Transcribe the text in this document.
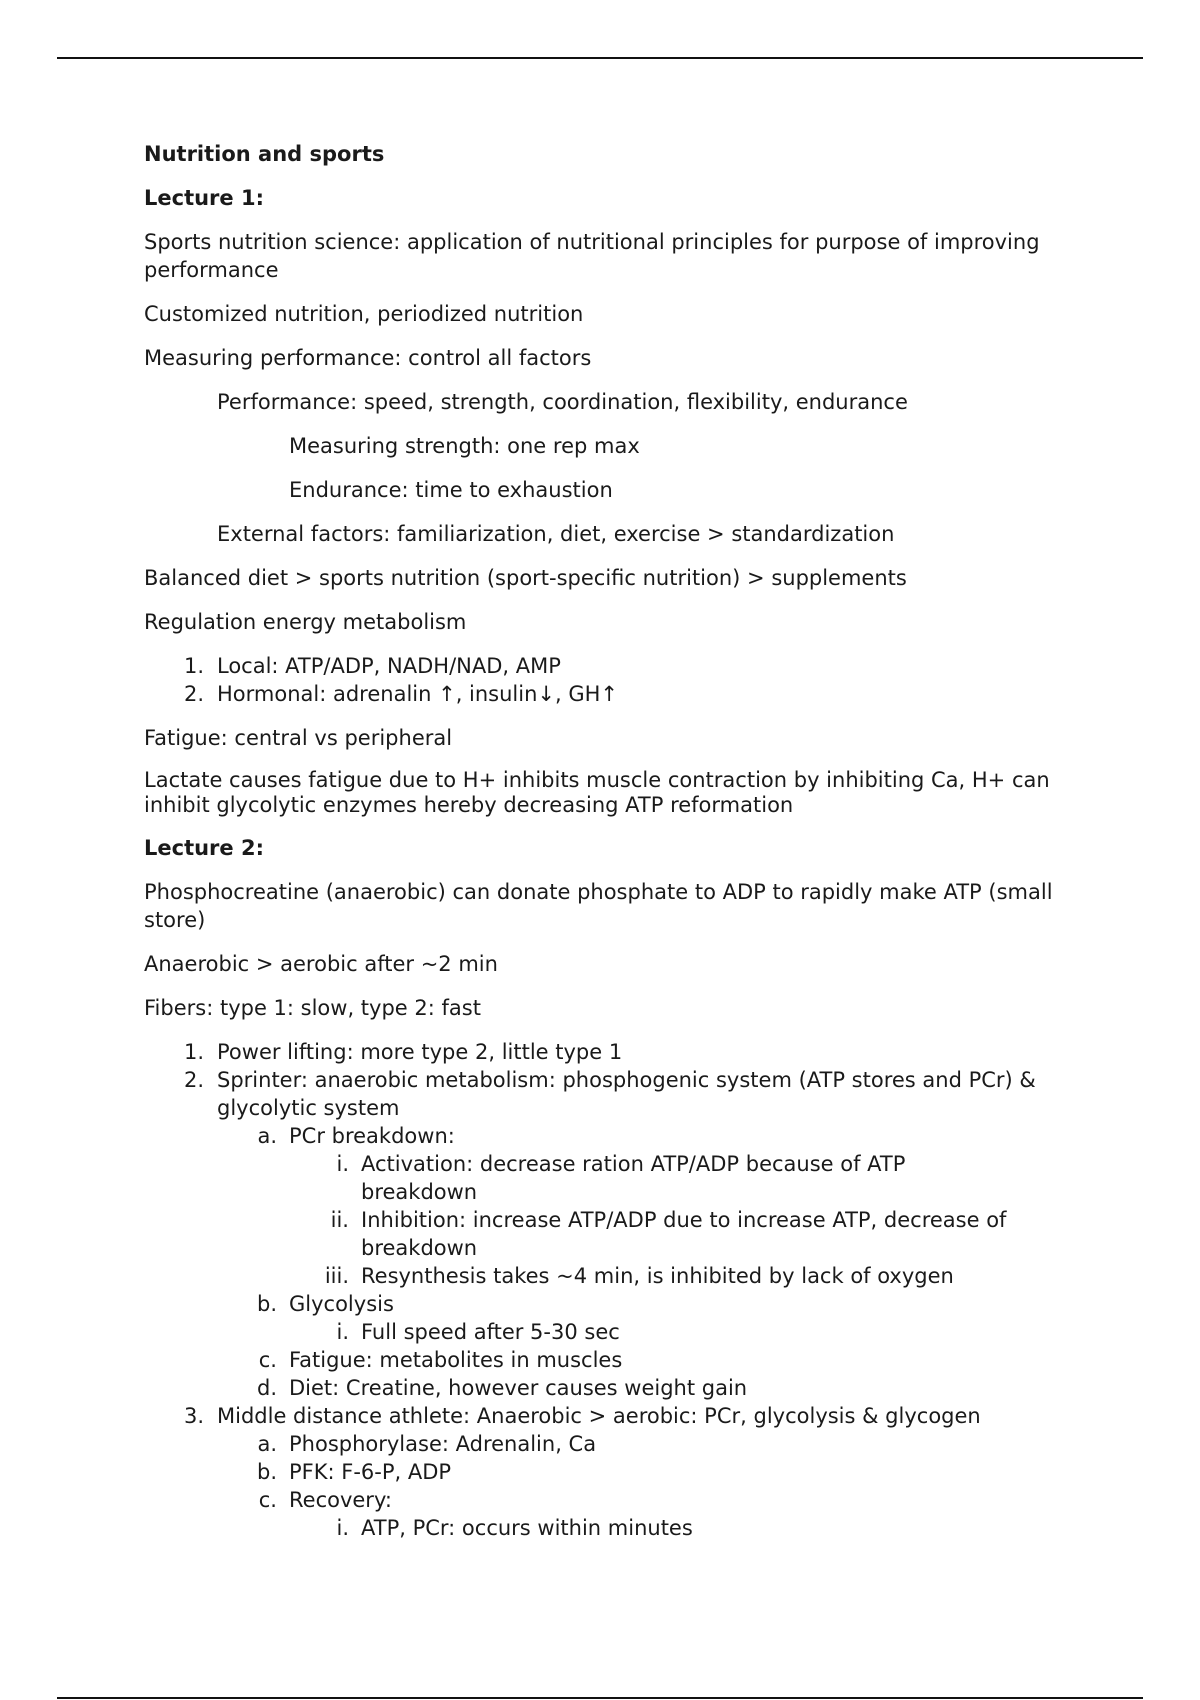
Nutrition and sports

Lecture 1:

Sports nutrition science: application of nutritional principles for purpose of improving performance

Customized nutrition, periodized nutrition

Measuring performance: control all factors

Performance: speed, strength, coordination, flexibility, endurance

Measuring strength: one rep max

Endurance: time to exhaustion

External factors: familiarization, diet, exercise > standardization

Balanced diet > sports nutrition (sport-specific nutrition) > supplements

Regulation energy metabolism

1. Local: ATP/ADP, NADH/NAD, AMP
2. Hormonal: adrenalin ↑, insulin↓, GH↑

Fatigue: central vs peripheral

Lactate causes fatigue due to H+ inhibits muscle contraction by inhibiting Ca, H+ can inhibit glycolytic enzymes hereby decreasing ATP reformation

Lecture 2:

Phosphocreatine (anaerobic) can donate phosphate to ADP to rapidly make ATP (small store)

Anaerobic > aerobic after ~2 min

Fibers: type 1: slow, type 2: fast

1. Power lifting: more type 2, little type 1
2. Sprinter: anaerobic metabolism: phosphogenic system (ATP stores and PCr) & glycolytic system
a. PCr breakdown:
i. Activation: decrease ration ATP/ADP because of ATP breakdown
ii. Inhibition: increase ATP/ADP due to increase ATP, decrease of breakdown
iii. Resynthesis takes ~4 min, is inhibited by lack of oxygen
b. Glycolysis
i. Full speed after 5-30 sec
c. Fatigue: metabolites in muscles
d. Diet: Creatine, however causes weight gain
3. Middle distance athlete: Anaerobic > aerobic: PCr, glycolysis & glycogen
a. Phosphorylase: Adrenalin, Ca
b. PFK: F-6-P, ADP
c. Recovery:
i. ATP, PCr: occurs within minutes
